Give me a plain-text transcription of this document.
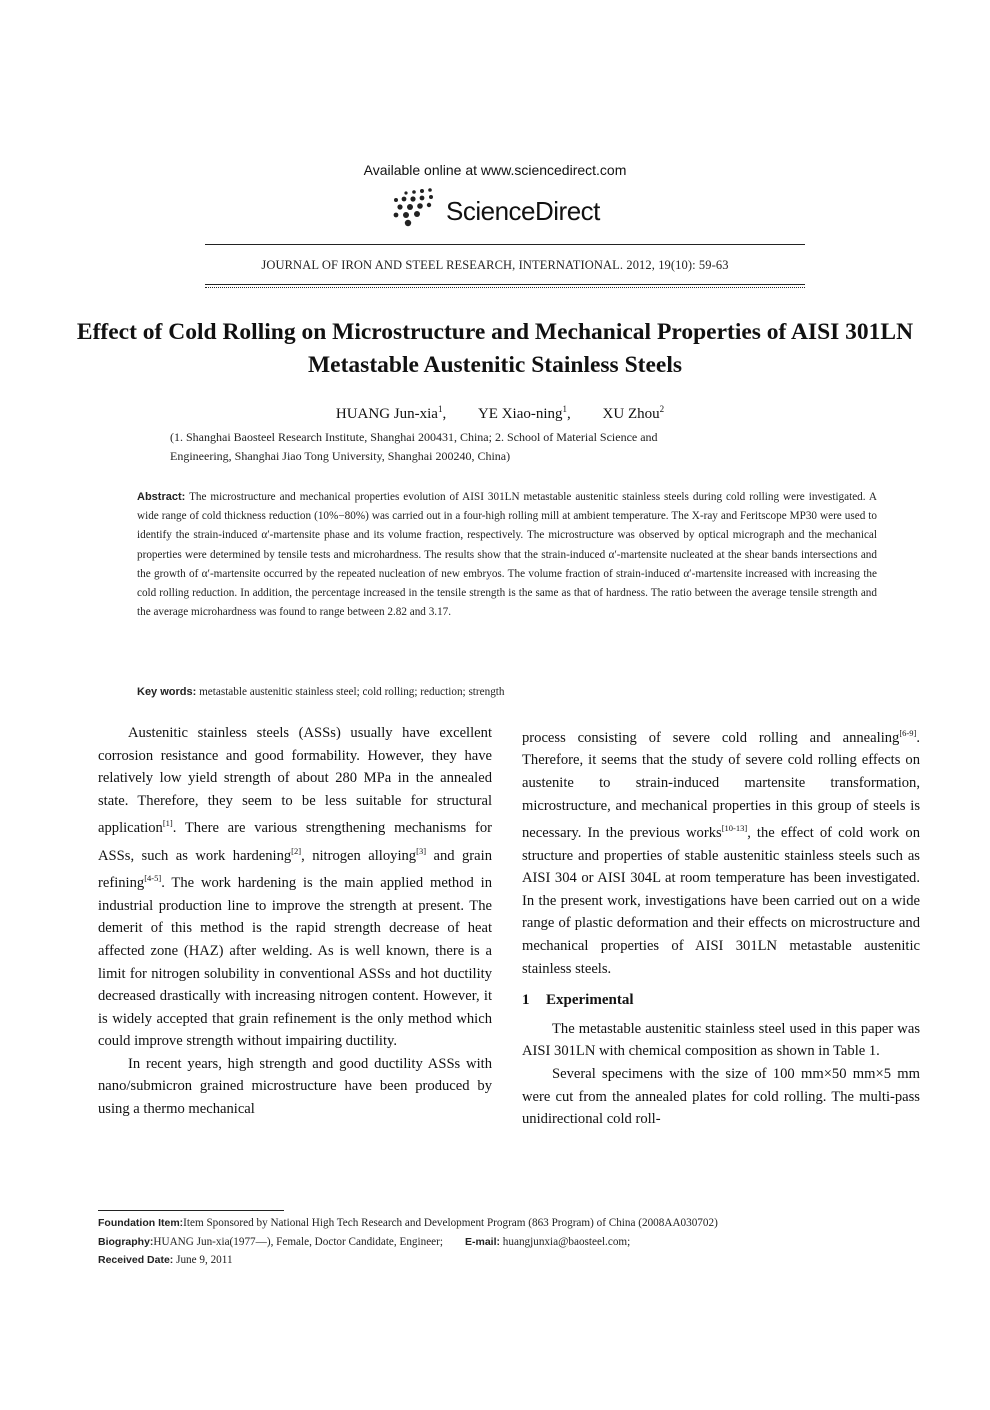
Available online at www.sciencedirect.com
ScienceDirect
JOURNAL OF IRON AND STEEL RESEARCH, INTERNATIONAL. 2012, 19(10): 59-63
Effect of Cold Rolling on Microstructure and Mechanical Properties of AISI 301LN Metastable Austenitic Stainless Steels
HUANG Jun-xia$^1$, YE Xiao-ning$^1$, XU Zhou$^2$
(1. Shanghai Baosteel Research Institute, Shanghai 200431, China; 2. School of Material Science and
Engineering, Shanghai Jiao Tong University, Shanghai 200240, China)
Abstract: The microstructure and mechanical properties evolution of AISI 301LN metastable austenitic stainless steels during cold rolling were investigated. A wide range of cold thickness reduction (10%−80%) was carried out in a four-high rolling mill at ambient temperature. The X-ray and Feritscope MP30 were used to identify the strain-induced α′-martensite phase and its volume fraction, respectively. The microstructure was observed by optical micrograph and the mechanical properties were determined by tensile tests and microhardness. The results show that the strain-induced α′-martensite nucleated at the shear bands intersections and the growth of α′-martensite occurred by the repeated nucleation of new embryos. The volume fraction of strain-induced α′-martensite increased with increasing the cold rolling reduction. In addition, the percentage increased in the tensile strength is the same as that of hardness. The ratio between the average tensile strength and the average microhardness was found to range between 2.82 and 3.17.
Key words: metastable austenitic stainless steel; cold rolling; reduction; strength

Austenitic stainless steels (ASSs) usually have excellent corrosion resistance and good formability. However, they have relatively low yield strength of about 280 MPa in the annealed state. Therefore, they seem to be less suitable for structural application[1]. There are various strengthening mechanisms for ASSs, such as work hardening[2], nitrogen alloying[3] and grain refining[4-5]. The work hardening is the main applied method in industrial production line to improve the strength at present. The demerit of this method is the rapid strength decrease of heat affected zone (HAZ) after welding. As is well known, there is a limit for nitrogen solubility in conventional ASSs and hot ductility decreased drastically with increasing nitrogen content. However, it is widely accepted that grain refinement is the only method which could improve strength without impairing ductility.

In recent years, high strength and good ductility ASSs with nano/submicron grained microstructure have been produced by using a thermo mechanical

process consisting of severe cold rolling and annealing[6-9]. Therefore, it seems that the study of severe cold rolling effects on austenite to strain-induced martensite transformation, microstructure, and mechanical properties in this group of steels is necessary. In the previous works[10-13], the effect of cold work on structure and properties of stable austenitic stainless steels such as AISI 304 or AISI 304L at room temperature has been investigated. In the present work, investigations have been carried out on a wide range of plastic deformation and their effects on microstructure and mechanical properties of AISI 301LN metastable austenitic stainless steels.

1 Experimental

The metastable austenitic stainless steel used in this paper was AISI 301LN with chemical composition as shown in Table 1.

Several specimens with the size of 100 mm×50 mm×5 mm were cut from the annealed plates for cold rolling. The multi-pass unidirectional cold roll-

Foundation Item:Item Sponsored by National High Tech Research and Development Program (863 Program) of China (2008AA030702)
Biography:HUANG Jun-xia(1977—), Female, Doctor Candidate, Engineer; E-mail: huangjunxia@baosteel.com;
Received Date: June 9, 2011
